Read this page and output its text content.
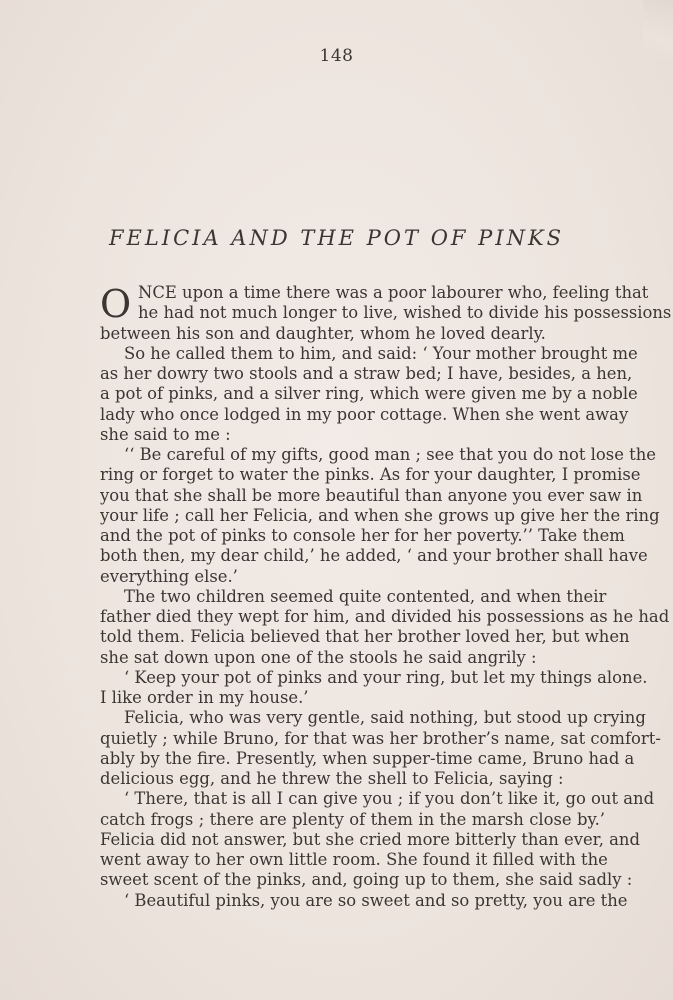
148
FELICIA AND THE POT OF PINKS
O NCE upon a time there was a poor labourer who, feeling that
he had not much longer to live, wished to divide his possessions
between his son and daughter, whom he loved dearly.
So he called them to him, and said: ‘ Your mother brought me
as her dowry two stools and a straw bed; I have, besides, a hen,
a pot of pinks, and a silver ring, which were given me by a noble
lady who once lodged in my poor cottage. When she went away
she said to me :
‘‘ Be careful of my gifts, good man ; see that you do not lose the
ring or forget to water the pinks. As for your daughter, I promise
you that she shall be more beautiful than anyone you ever saw in
your life ; call her Felicia, and when she grows up give her the ring
and the pot of pinks to console her for her poverty.’’ Take them
both then, my dear child,’ he added, ‘ and your brother shall have
everything else.’
The two children seemed quite contented, and when their
father died they wept for him, and divided his possessions as he had
told them. Felicia believed that her brother loved her, but when
she sat down upon one of the stools he said angrily :
‘ Keep your pot of pinks and your ring, but let my things alone.
I like order in my house.’
Felicia, who was very gentle, said nothing, but stood up crying
quietly ; while Bruno, for that was her brother’s name, sat comfort-
ably by the fire. Presently, when supper-time came, Bruno had a
delicious egg, and he threw the shell to Felicia, saying :
‘ There, that is all I can give you ; if you don’t like it, go out and
catch frogs ; there are plenty of them in the marsh close by.’
Felicia did not answer, but she cried more bitterly than ever, and
went away to her own little room. She found it filled with the
sweet scent of the pinks, and, going up to them, she said sadly :
‘ Beautiful pinks, you are so sweet and so pretty, you are the
